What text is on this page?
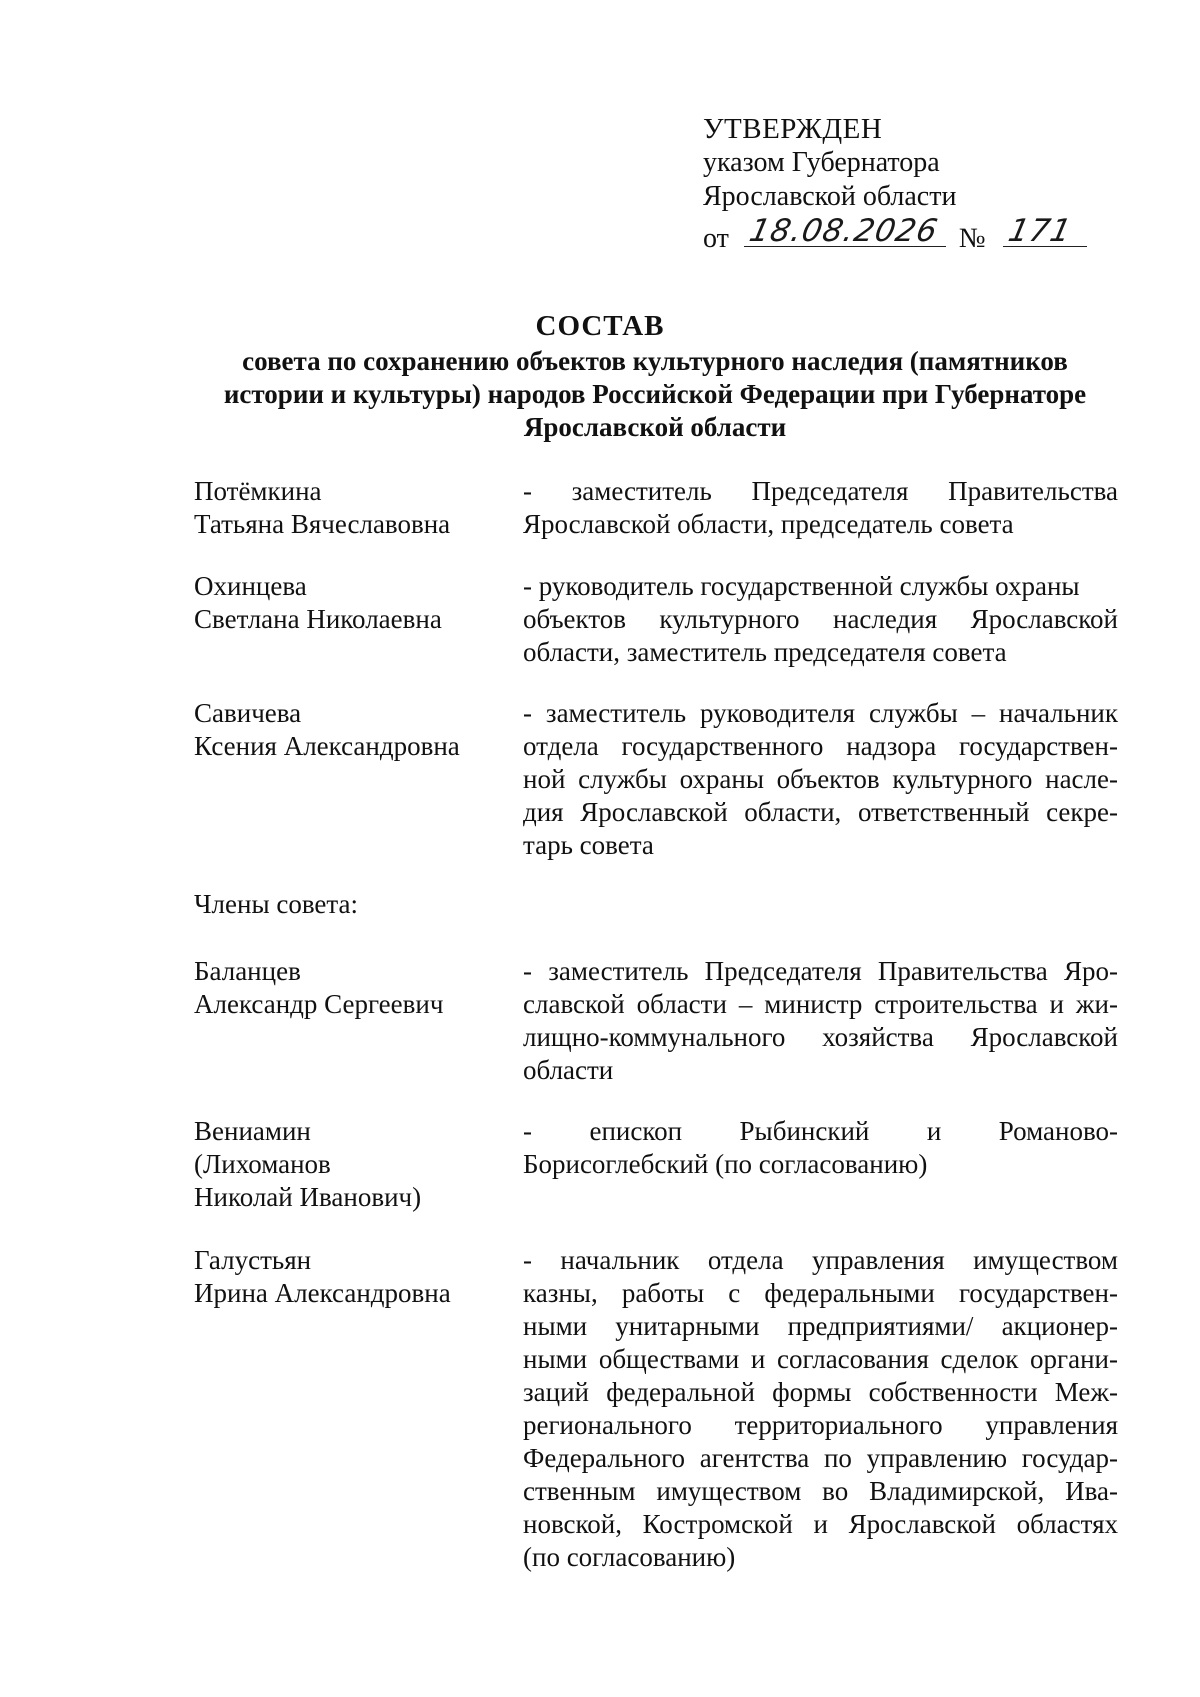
УТВЕРЖДЕН
указом Губернатора
Ярославской области
от 18.08.2026 № 171
СОСТАВ
совета по сохранению объектов культурного наследия (памятников
истории и культуры) народов Российской Федерации при Губернаторе
Ярославской области
Потёмкина
Татьяна Вячеславовна
- заместитель Председателя Правительства
Ярославской области, председатель совета
Охинцева
Светлана Николаевна
- руководитель государственной службы охраны
объектов культурного наследия Ярославской
области, заместитель председателя совета
Савичева
Ксения Александровна
- заместитель руководителя службы – начальник
отдела государственного надзора государствен-
ной службы охраны объектов культурного насле-
дия Ярославской области, ответственный секре-
тарь совета
Члены совета:
Баланцев
Александр Сергеевич
- заместитель Председателя Правительства Яро-
славской области – министр строительства и жи-
лищно-коммунального хозяйства Ярославской
области
Вениамин
(Лихоманов
Николай Иванович)
- епископ Рыбинский и Романово-
Борисоглебский (по согласованию)
Галустьян
Ирина Александровна
- начальник отдела управления имуществом
казны, работы с федеральными государствен-
ными унитарными предприятиями/ акционер-
ными обществами и согласования сделок органи-
заций федеральной формы собственности Меж-
регионального территориального управления
Федерального агентства по управлению государ-
ственным имуществом во Владимирской, Ива-
новской, Костромской и Ярославской областях
(по согласованию)
